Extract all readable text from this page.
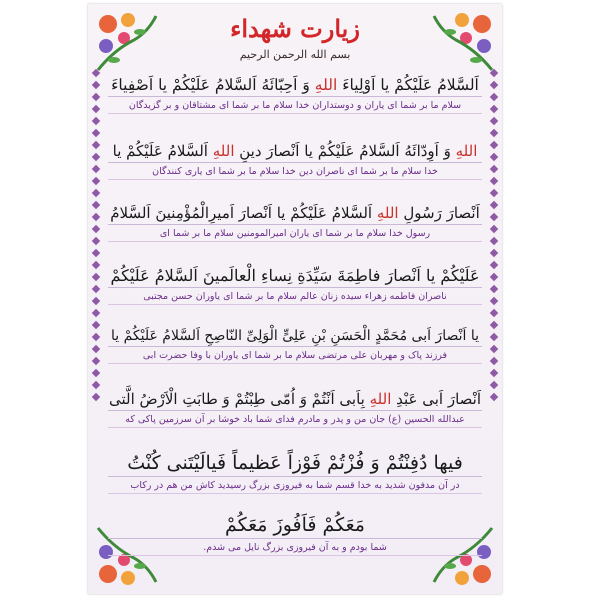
زیارت شهداء
بسم الله الرحمن الرحیم
اَلسَّلامُ عَلَیْکُمْ یا اَوْلِیاءَ اللهِ وَ اَحِبّائَهُ اَلسَّلامُ عَلَیْکُمْ یا اَصْفِیاءَ
سلام ما بر شما ای یاران و دوستداران خدا سلام ما بر شما ای مشتاقان و بر گزیدگان
اللهِ وَ اَوِدّائَهُ اَلسَّلامُ عَلَیْکُمْ یا اَنْصارَ دینِ اللهِ اَلسَّلامُ عَلَیْکُمْ یا
خدا سلام ما بر شما ای ناصران دین خدا سلام ما بر شما ای یاری کنندگان
اَنْصارَ رَسُولِ اللهِ اَلسَّلامُ عَلَیْکُمْ یا اَنْصارَ اَمیرِالْمُؤْمِنینَ اَلسَّلامُ
رسول خدا سلام ما بر شما ای یاران امیرالمومنین سلام ما بر شما ای
عَلَیْکُمْ یا اَنْصارَ فاطِمَةَ سَیِّدَةِ نِساءِ الْعالَمینَ اَلسَّلامُ عَلَیْکُمْ
ناصران فاطمه زهراء سیده زنان عالم سلام ما بر شما ای یاوران حسن مجتبی
یا اَنْصارَ اَبی مُحَمَّدٍ الْحَسَنِ بْنِ عَلِیٍّ الْوَلِیِّ النّاصِحِ اَلسَّلامُ عَلَیْکُمْ یا
فرزند پاک و مهربان علی مرتضی سلام ما بر شما ای یاوران با وفا حضرت ابی
اَنْصارَ اَبی عَبْدِ اللهِ بِاَبی اَنْتُمْ وَ اُمّی طِبْتُمْ وَ طابَتِ الْاَرْضُ الَّتی
عبدالله الحسین (ع) جان من و پدر و مادرم فدای شما باد خوشا بر آن سرزمین پاکی که
فیها دُفِنْتُمْ وَ فُزْتُمْ فَوْزاً عَظیماً فَیالَیْتَنی کُنْتُ
در آن مدفون شدید به خدا قسم شما به فیروزی بزرگ رسیدید کاش من هم در رکاب
مَعَکُمْ فَاَفُوزَ مَعَکُمْ
شما بودم و به آن فیروزی بزرگ نایل می شدم.
